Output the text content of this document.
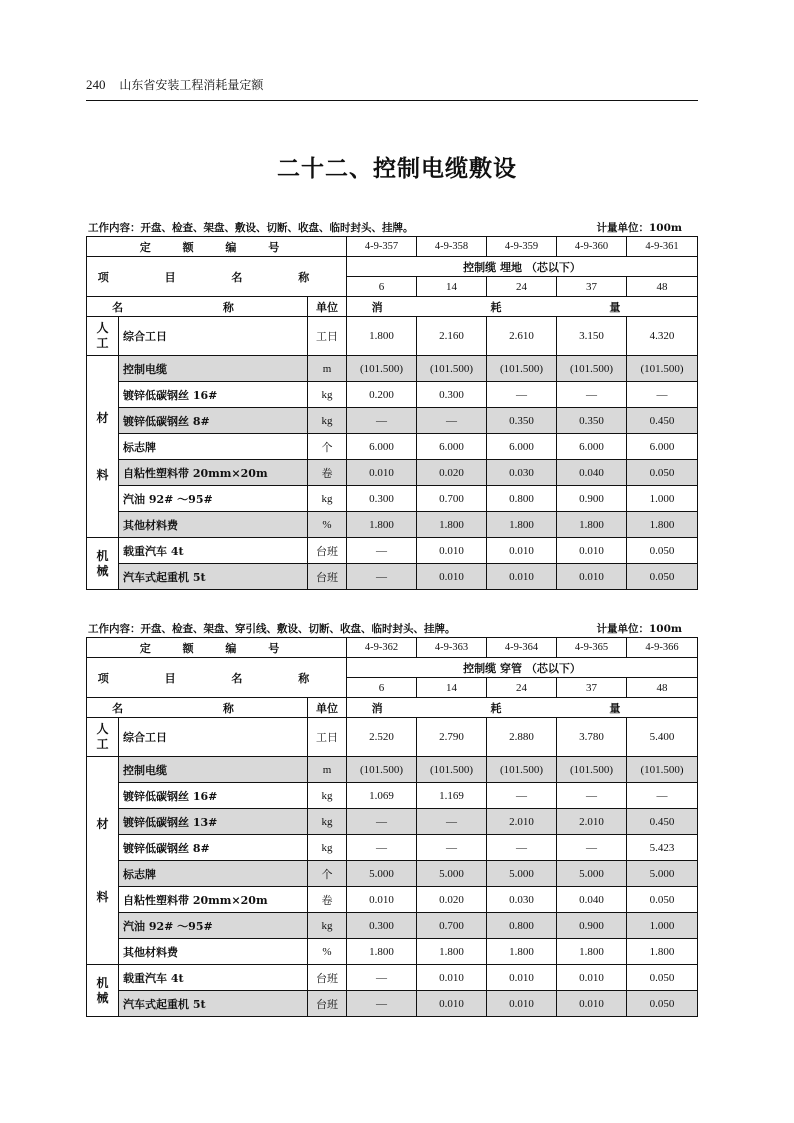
240 山东省安装工程消耗量定额
二十二、控制电缆敷设
工作内容：开盘、检查、架盘、敷设、切断、收盘、临时封头、挂牌。	计量单位：100m
定 额 编 号			4-9-357	4-9-358	4-9-359	4-9-360	4-9-361
项 目 名 称			控制缆 埋地 （芯以下）				
			6	14	24	37	48
名 称		单位	消 耗 量				
人工	综合工日	工日	1.800	2.160	2.610	3.150	4.320

材
料	控制电缆	m	(101.500)	(101.500)	(101.500)	(101.500)	(101.500)
	镀锌低碳钢丝 16#	kg	0.200	0.300	—	—	—
	镀锌低碳钢丝 8#	kg	—	—	0.350	0.350	0.450
	标志牌	个	6.000	6.000	6.000	6.000	6.000
	自粘性塑料带 20mm×20m	卷	0.010	0.020	0.030	0.040	0.050
	汽油 92# ～95#	kg	0.300	0.700	0.800	0.900	1.000
	其他材料费	%	1.800	1.800	1.800	1.800	1.800
机械	载重汽车 4t	台班	—	0.010	0.010	0.010	0.050
	汽车式起重机 5t	台班	—	0.010	0.010	0.010	0.050
工作内容：开盘、检查、架盘、穿引线、敷设、切断、收盘、临时封头、挂牌。	计量单位：100m
定 额 编 号			4-9-362	4-9-363	4-9-364	4-9-365	4-9-366
项 目 名 称			控制缆 穿管 （芯以下）				
			6	14	24	37	48
名 称		单位	消 耗 量				
人工	综合工日	工日	2.520	2.790	2.880	3.780	5.400

材
料	控制电缆	m	(101.500)	(101.500)	(101.500)	(101.500)	(101.500)
	镀锌低碳钢丝 16#	kg	1.069	1.169	—	—	—
	镀锌低碳钢丝 13#	kg	—	—	2.010	2.010	0.450
	镀锌低碳钢丝 8#	kg	—	—	—	—	5.423
	标志牌	个	5.000	5.000	5.000	5.000	5.000
	自粘性塑料带 20mm×20m	卷	0.010	0.020	0.030	0.040	0.050
	汽油 92# ～95#	kg	0.300	0.700	0.800	0.900	1.000
	其他材料费	%	1.800	1.800	1.800	1.800	1.800
机械	载重汽车 4t	台班	—	0.010	0.010	0.010	0.050
	汽车式起重机 5t	台班	—	0.010	0.010	0.010	0.050
